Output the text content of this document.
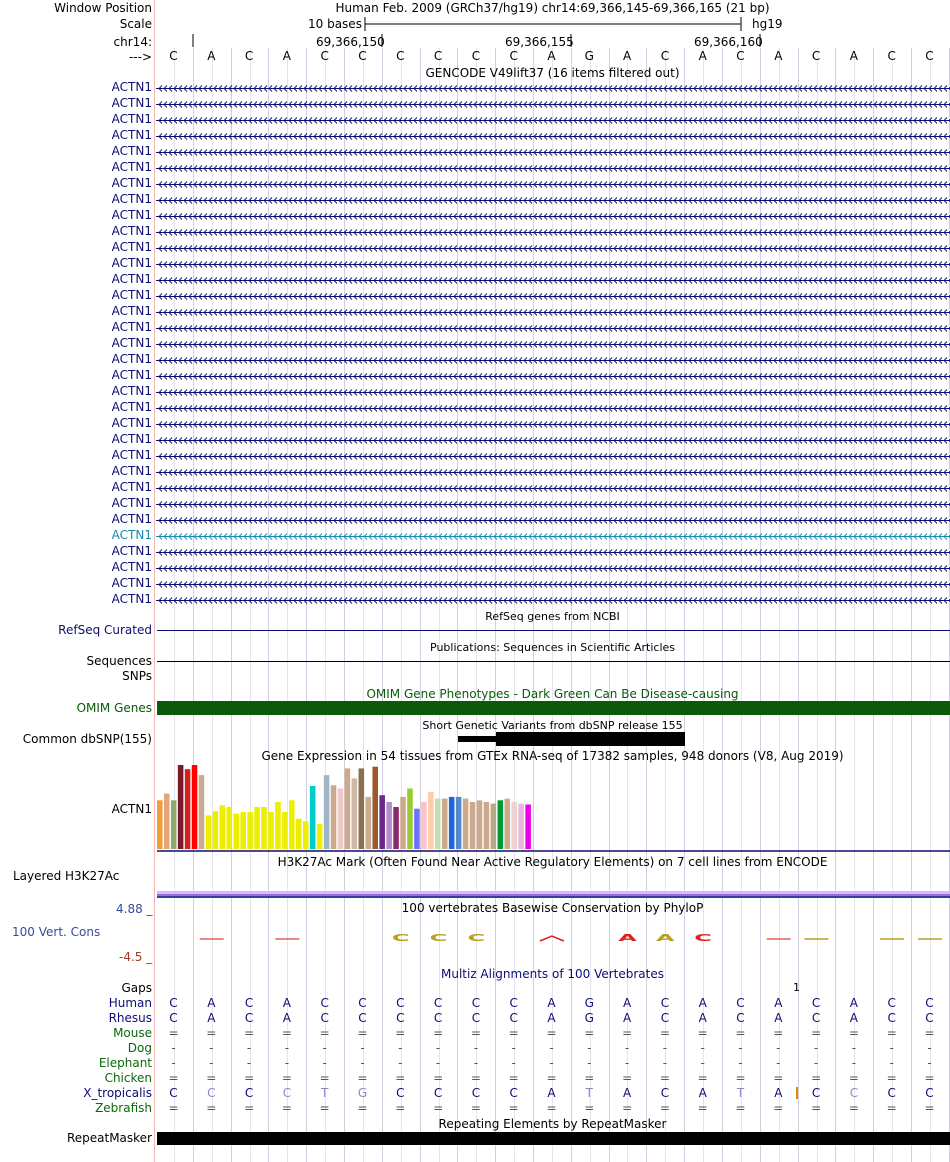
Window Position
Scale
chr14:
--->
Human Feb. 2009 (GRCh37/hg19) chr14:69,366,145-69,366,165 (21 bp)
10 bases	hg19
69,366,150	69,366,155	69,366,160
C	A	C	A	C	C	C	C	C	C	A	G	A	C	A	C	A	C	A	C	C
GENCODE V49lift37 (16 items filtered out)
ACTN1
ACTN1
ACTN1
ACTN1
ACTN1
ACTN1
ACTN1
ACTN1
ACTN1
ACTN1
ACTN1
ACTN1
ACTN1
ACTN1
ACTN1
ACTN1
ACTN1
ACTN1
ACTN1
ACTN1
ACTN1
ACTN1
ACTN1
ACTN1
ACTN1
ACTN1
ACTN1
ACTN1
ACTN1
ACTN1
ACTN1
ACTN1
ACTN1
RefSeq genes from NCBI
RefSeq Curated
Publications: Sequences in Scientific Articles
Sequences
SNPs
OMIM Gene Phenotypes - Dark Green Can Be Disease-causing
OMIM Genes
Short Genetic Variants from dbSNP release 155
Common dbSNP(155)
Gene Expression in 54 tissues from GTEx RNA-seq of 17382 samples, 948 donors (V8, Aug 2019)
ACTN1
H3K27Ac Mark (Often Found Near Active Regulatory Elements) on 7 cell lines from ENCODE
Layered H3K27Ac
100 vertebrates Basewise Conservation by PhyloP
4.88 _
100 Vert. Cons
-4.5 _
C C C	A A C
Multiz Alignments of 100 Vertebrates
Gaps	1
Human	C	A	C	A	C	C	C	C	C	C	A	G	A	C	A	C	A	C	A	C	C
Rhesus	C	A	C	A	C	C	C	C	C	C	A	G	A	C	A	C	A	C	A	C	C
Mouse	=	=	=	=	=	=	=	=	=	=	=	=	=	=	=	=	=	=	=	=	=
Dog	-	-	-	-	-	-	-	-	-	-	-	-	-	-	-	-	-	-	-	-	-
Elephant	-	-	-	-	-	-	-	-	-	-	-	-	-	-	-	-	-	-	-	-	-
Chicken	=	=	=	=	=	=	=	=	=	=	=	=	=	=	=	=	=	=	=	=	=
X_tropicalis	C	C	C	C	T	G	C	C	C	C	A	T	A	C	A	T	A	C	C	C	C
Zebrafish	=	=	=	=	=	=	=	=	=	=	=	=	=	=	=	=	=	=	=	=	=
Repeating Elements by RepeatMasker
RepeatMasker
